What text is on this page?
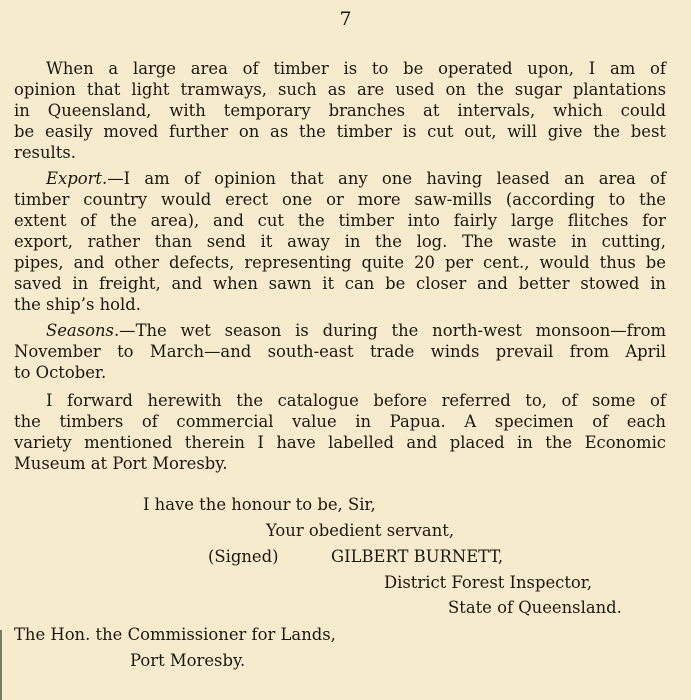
7
When a large area of timber is to be operated upon, I am of
opinion that light tramways, such as are used on the sugar plantations
in Queensland, with temporary branches at intervals, which could
be easily moved further on as the timber is cut out, will give the best
results.
Export.—I am of opinion that any one having leased an area of
timber country would erect one or more saw-mills (according to the
extent of the area), and cut the timber into fairly large flitches for
export, rather than send it away in the log. The waste in cutting,
pipes, and other defects, representing quite 20 per cent., would thus be
saved in freight, and when sawn it can be closer and better stowed in
the ship’s hold.
Seasons.—The wet season is during the north-west monsoon—from
November to March—and south-east trade winds prevail from April
to October.
I forward herewith the catalogue before referred to, of some of
the timbers of commercial value in Papua. A specimen of each
variety mentioned therein I have labelled and placed in the Economic
Museum at Port Moresby.
I have the honour to be, Sir,
Your obedient servant,
(Signed)	GILBERT BURNETT,
District Forest Inspector,
State of Queensland.
The Hon. the Commissioner for Lands,
Port Moresby.
